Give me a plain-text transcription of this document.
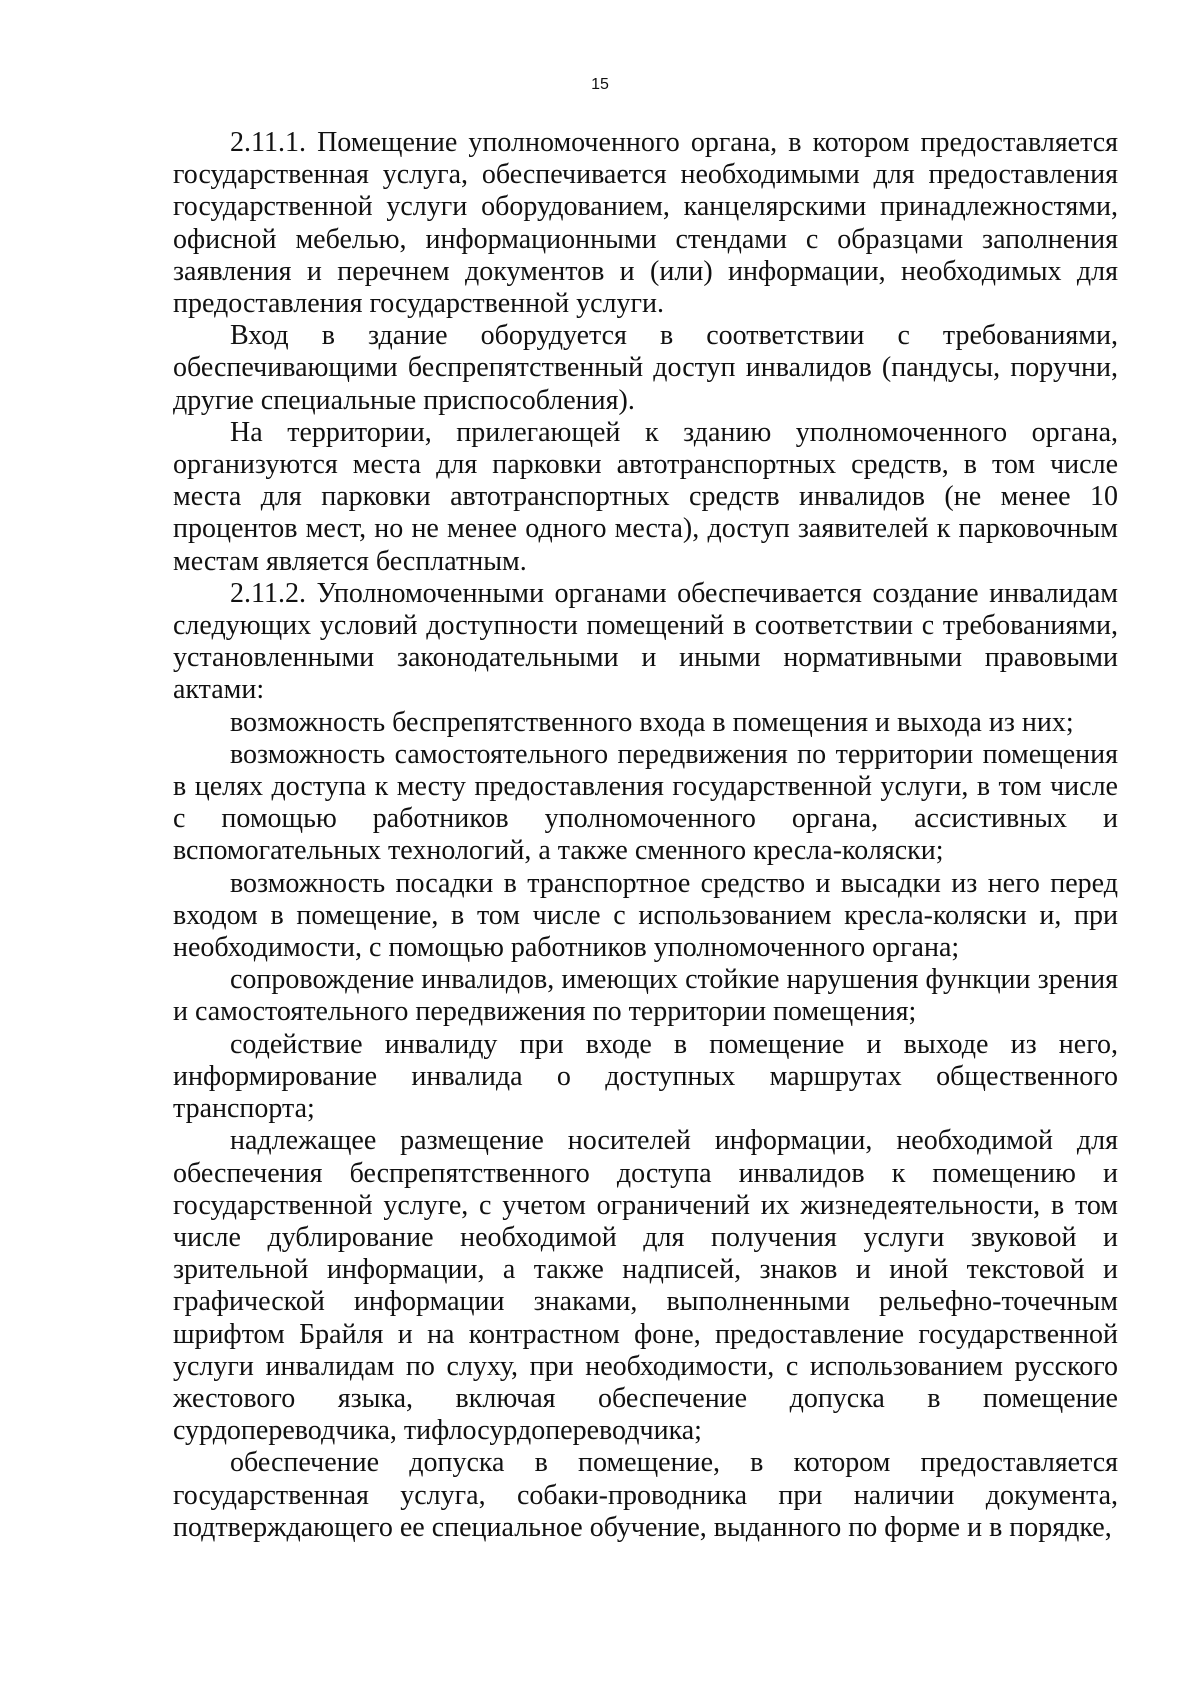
15

2.11.1. Помещение уполномоченного органа, в котором предоставляется государственная услуга, обеспечивается необходимыми для предоставления государственной услуги оборудованием, канцелярскими принадлежностями, офисной мебелью, информационными стендами с образцами заполнения заявления и перечнем документов и (или) информации, необходимых для предоставления государственной услуги.

Вход в здание оборудуется в соответствии с требованиями, обеспечивающими беспрепятственный доступ инвалидов (пандусы, поручни, другие специальные приспособления).

На территории, прилегающей к зданию уполномоченного органа, организуются места для парковки автотранспортных средств, в том числе места для парковки автотранспортных средств инвалидов (не менее 10 процентов мест, но не менее одного места), доступ заявителей к парковочным местам является бесплатным.

2.11.2. Уполномоченными органами обеспечивается создание инвалидам следующих условий доступности помещений в соответствии с требованиями, установленными законодательными и иными нормативными правовыми актами:

возможность беспрепятственного входа в помещения и выхода из них;

возможность самостоятельного передвижения по территории помещения в целях доступа к месту предоставления государственной услуги, в том числе с помощью работников уполномоченного органа, ассистивных и вспомогательных технологий, а также сменного кресла-коляски;

возможность посадки в транспортное средство и высадки из него перед входом в помещение, в том числе с использованием кресла-коляски и, при необходимости, с помощью работников уполномоченного органа;

сопровождение инвалидов, имеющих стойкие нарушения функции зрения и самостоятельного передвижения по территории помещения;

содействие инвалиду при входе в помещение и выходе из него, информирование инвалида о доступных маршрутах общественного транспорта;

надлежащее размещение носителей информации, необходимой для обеспечения беспрепятственного доступа инвалидов к помещению и государственной услуге, с учетом ограничений их жизнедеятельности, в том числе дублирование необходимой для получения услуги звуковой и зрительной информации, а также надписей, знаков и иной текстовой и графической информации знаками, выполненными рельефно-точечным шрифтом Брайля и на контрастном фоне, предоставление государственной услуги инвалидам по слуху, при необходимости, с использованием русского жестового языка, включая обеспечение допуска в помещение сурдопереводчика, тифлосурдопереводчика;

обеспечение допуска в помещение, в котором предоставляется государственная услуга, собаки-проводника при наличии документа, подтверждающего ее специальное обучение, выданного по форме и в порядке,
